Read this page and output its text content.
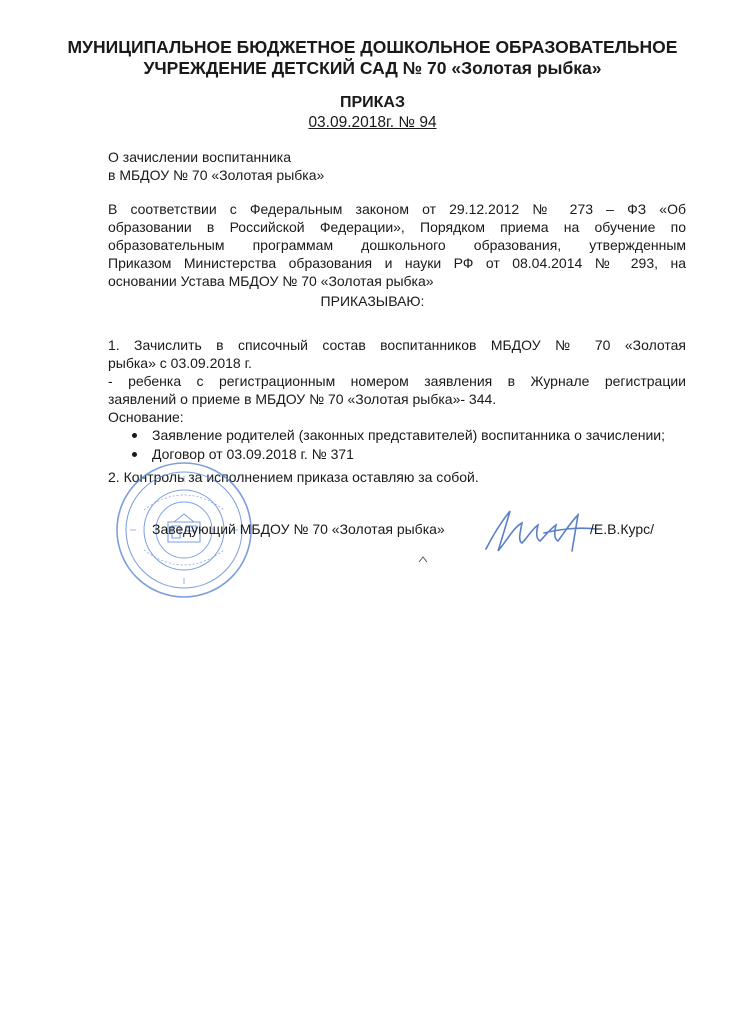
МУНИЦИПАЛЬНОЕ БЮДЖЕТНОЕ ДОШКОЛЬНОЕ ОБРАЗОВАТЕЛЬНОЕ
УЧРЕЖДЕНИЕ ДЕТСКИЙ САД № 70 «Золотая рыбка»
ПРИКАЗ
03.09.2018г. № 94
О зачислении воспитанника
в МБДОУ № 70 «Золотая рыбка»
В соответствии с Федеральным законом от 29.12.2012 № 273 – ФЗ «Об
образовании в Российской Федерации», Порядком приема на обучение по
образовательным программам дошкольного образования, утвержденным
Приказом Министерства образования и науки РФ от 08.04.2014 № 293, на
основании Устава МБДОУ № 70 «Золотая рыбка»
ПРИКАЗЫВАЮ:
1. Зачислить в списочный состав воспитанников МБДОУ № 70 «Золотая
рыбка» с 03.09.2018 г.
- ребенка с регистрационным номером заявления в Журнале регистрации
заявлений о приеме в МБДОУ № 70 «Золотая рыбка»- 344.
Основание:
Заявление родителей (законных представителей) воспитанника о зачислении;
Договор от 03.09.2018 г. № 371
2. Контроль за исполнением приказа оставляю за собой.
Заведующий МБДОУ № 70 «Золотая рыбка»	/Е.В.Курс/
